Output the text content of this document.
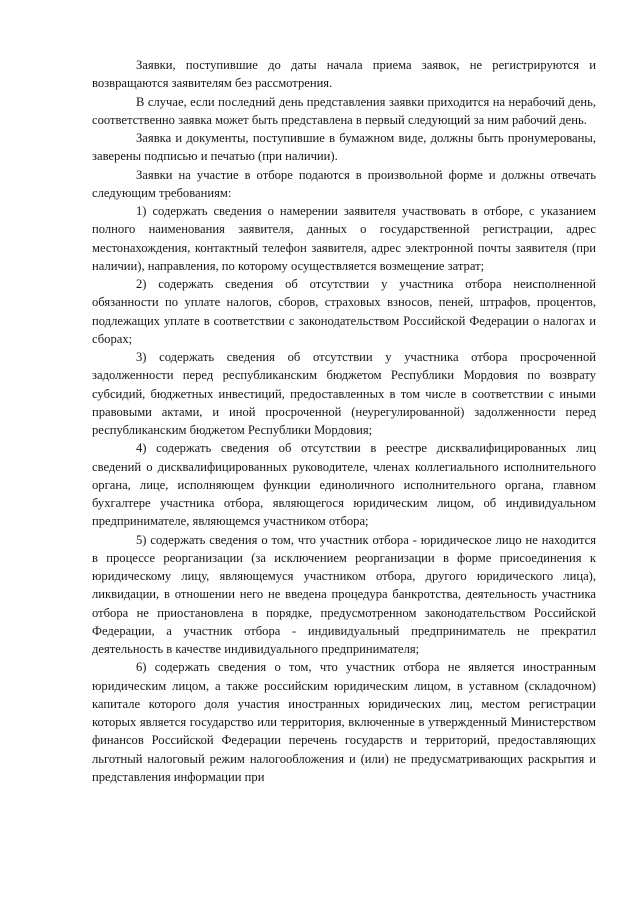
Заявки, поступившие до даты начала приема заявок, не регистрируются и возвращаются заявителям без рассмотрения.

В случае, если последний день представления заявки приходится на нерабочий день, соответственно заявка может быть представлена в первый следующий за ним рабочий день.

Заявка и документы, поступившие в бумажном виде, должны быть пронумерованы, заверены подписью и печатью (при наличии).

Заявки на участие в отборе подаются в произвольной форме и должны отвечать следующим требованиям:

1) содержать сведения о намерении заявителя участвовать в отборе, с указанием полного наименования заявителя, данных о государственной регистрации, адрес местонахождения, контактный телефон заявителя, адрес электронной почты заявителя (при наличии), направления, по которому осуществляется возмещение затрат;

2) содержать сведения об отсутствии у участника отбора неисполненной обязанности по уплате налогов, сборов, страховых взносов, пеней, штрафов, процентов, подлежащих уплате в соответствии с законодательством Российской Федерации о налогах и сборах;

3) содержать сведения об отсутствии у участника отбора просроченной задолженности перед республиканским бюджетом Республики Мордовия по возврату субсидий, бюджетных инвестиций, предоставленных в том числе в соответствии с иными правовыми актами, и иной просроченной (неурегулированной) задолженности перед республиканским бюджетом Республики Мордовия;

4) содержать сведения об отсутствии в реестре дисквалифицированных лиц сведений о дисквалифицированных руководителе, членах коллегиального исполнительного органа, лице, исполняющем функции единоличного исполнительного органа, главном бухгалтере участника отбора, являющегося юридическим лицом, об индивидуальном предпринимателе, являющемся участником отбора;

5) содержать сведения о том, что участник отбора - юридическое лицо не находится в процессе реорганизации (за исключением реорганизации в форме присоединения к юридическому лицу, являющемуся участником отбора, другого юридического лица), ликвидации, в отношении него не введена процедура банкротства, деятельность участника отбора не приостановлена в порядке, предусмотренном законодательством Российской Федерации, а участник отбора - индивидуальный предприниматель не прекратил деятельность в качестве индивидуального предпринимателя;

6) содержать сведения о том, что участник отбора не является иностранным юридическим лицом, а также российским юридическим лицом, в уставном (складочном) капитале которого доля участия иностранных юридических лиц, местом регистрации которых является государство или территория, включенные в утвержденный Министерством финансов Российской Федерации перечень государств и территорий, предоставляющих льготный налоговый режим налогообложения и (или) не предусматривающих раскрытия и представления информации при
